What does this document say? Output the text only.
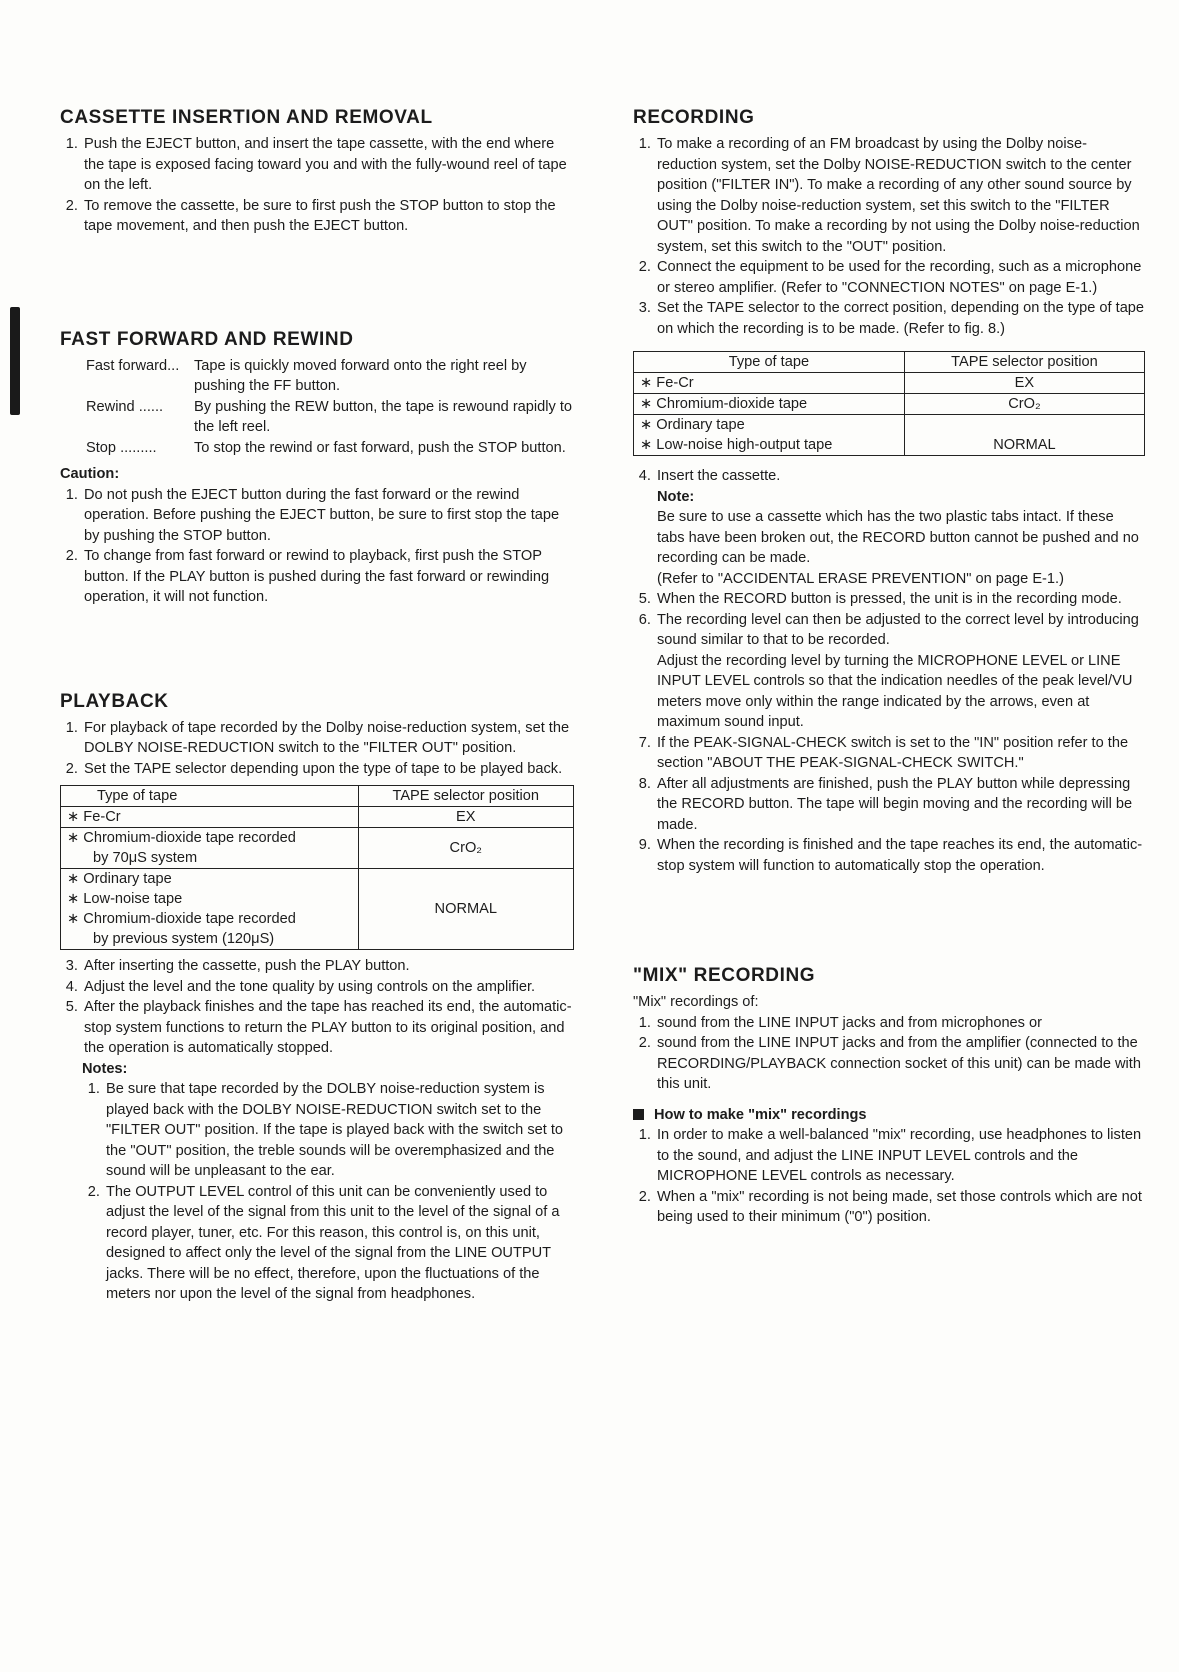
CASSETTE INSERTION AND REMOVAL
1. Push the EJECT button, and insert the tape cassette, with the end where the tape is exposed facing toward you and with the fully-wound reel of tape on the left.
2. To remove the cassette, be sure to first push the STOP button to stop the tape movement, and then push the EJECT button.
FAST FORWARD AND REWIND
Fast forward...	Tape is quickly moved forward onto the right reel by pushing the FF button.
Rewind ......	By pushing the REW button, the tape is rewound rapidly to the left reel.
Stop .........	To stop the rewind or fast forward, push the STOP button.

Caution:

1. Do not push the EJECT button during the fast forward or the rewind operation. Before pushing the EJECT button, be sure to first stop the tape by pushing the STOP button.
2. To change from fast forward or rewind to playback, first push the STOP button. If the PLAY button is pushed during the fast forward or rewinding operation, it will not function.
PLAYBACK
1. For playback of tape recorded by the Dolby noise-reduction system, set the DOLBY NOISE-REDUCTION switch to the "FILTER OUT" position.
2. Set the TAPE selector depending upon the type of tape to be played back.
Type of tape	TAPE selector position
∗ Fe-Cr	EX

∗ Chromium-dioxide tape recorded
by 70μS system	CrO₂

∗ Ordinary tape
∗ Low-noise tape
∗ Chromium-dioxide tape recorded
by previous system (120μS)	NORMAL
3. After inserting the cassette, push the PLAY button.
4. Adjust the level and the tone quality by using controls on the amplifier.
5. After the playback finishes and the tape has reached its end, the automatic-stop system functions to return the PLAY button to its original position, and the operation is automatically stopped.

Notes:

1. Be sure that tape recorded by the DOLBY noise-reduction system is played back with the DOLBY NOISE-REDUCTION switch set to the "FILTER OUT" position. If the tape is played back with the switch set to the "OUT" position, the treble sounds will be overemphasized and the sound will be unpleasant to the ear.
2. The OUTPUT LEVEL control of this unit can be conveniently used to adjust the level of the signal from this unit to the level of the signal of a record player, tuner, etc. For this reason, this control is, on this unit, designed to affect only the level of the signal from the LINE OUTPUT jacks. There will be no effect, therefore, upon the fluctuations of the meters nor upon the level of the signal from headphones.
RECORDING
1. To make a recording of an FM broadcast by using the Dolby noise-reduction system, set the Dolby NOISE-REDUCTION switch to the center position ("FILTER IN"). To make a recording of any other sound source by using the Dolby noise-reduction system, set this switch to the "FILTER OUT" position. To make a recording by not using the Dolby noise-reduction system, set this switch to the "OUT" position.
2. Connect the equipment to be used for the recording, such as a microphone or stereo amplifier. (Refer to "CONNECTION NOTES" on page E-1.)
3. Set the TAPE selector to the correct position, depending on the type of tape on which the recording is to be made. (Refer to fig. 8.)
Type of tape	TAPE selector position
∗ Fe-Cr	EX
∗ Chromium-dioxide tape	CrO₂

∗ Ordinary tape
∗ Low-noise high-output tape	NORMAL
4. Insert the cassette.
Note:
Be sure to use a cassette which has the two plastic tabs intact. If these tabs have been broken out, the RECORD button cannot be pushed and no recording can be made.
(Refer to "ACCIDENTAL ERASE PREVENTION" on page E-1.)
5. When the RECORD button is pressed, the unit is in the recording mode.
6. The recording level can then be adjusted to the correct level by introducing sound similar to that to be recorded.
Adjust the recording level by turning the MICROPHONE LEVEL or LINE INPUT LEVEL controls so that the indication needles of the peak level/VU meters move only within the range indicated by the arrows, even at maximum sound input.
7. If the PEAK-SIGNAL-CHECK switch is set to the "IN" position refer to the section "ABOUT THE PEAK-SIGNAL-CHECK SWITCH."
8. After all adjustments are finished, push the PLAY button while depressing the RECORD button. The tape will begin moving and the recording will be made.
9. When the recording is finished and the tape reaches its end, the automatic-stop system will function to automatically stop the operation.
"MIX" RECORDING

"Mix" recordings of:

1. sound from the LINE INPUT jacks and from microphones or
2. sound from the LINE INPUT jacks and from the amplifier (connected to the RECORDING/PLAYBACK connection socket of this unit) can be made with this unit.
How to make "mix" recordings
1. In order to make a well-balanced "mix" recording, use headphones to listen to the sound, and adjust the LINE INPUT LEVEL controls and the MICROPHONE LEVEL controls as necessary.
2. When a "mix" recording is not being made, set those controls which are not being used to their minimum ("0") position.
